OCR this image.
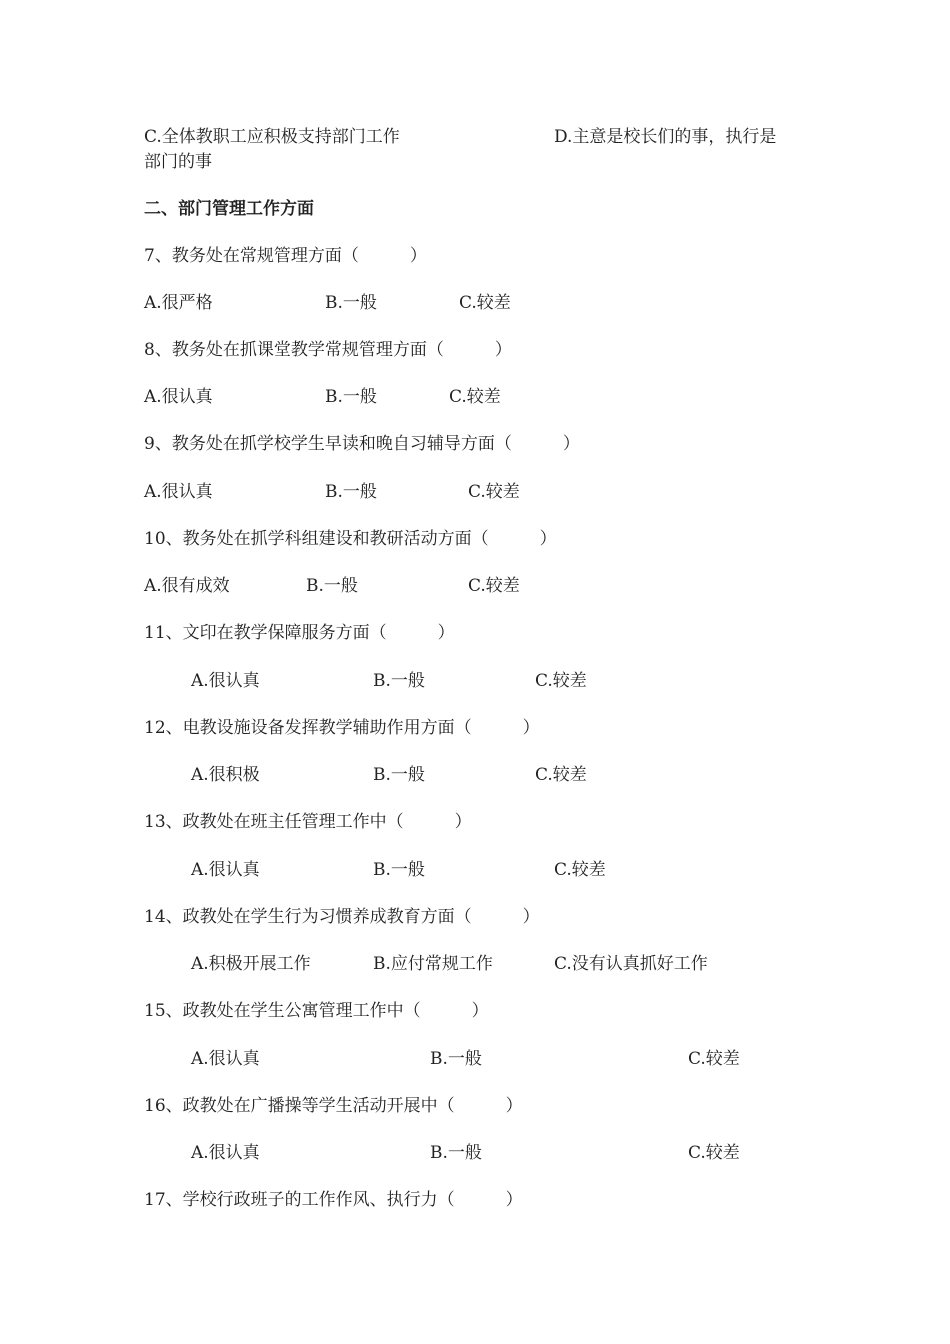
C.全体教职工应积极支持部门工作	D.主意是校长们的事，执行是
部门的事
二、部门管理工作方面
7、教务处在常规管理方面（　　　）
A.很严格	B.一般	C.较差
8、教务处在抓课堂教学常规管理方面（　　　）
A.很认真	B.一般	C.较差
9、教务处在抓学校学生早读和晚自习辅导方面（　　　）
A.很认真	B.一般	C.较差
10、教务处在抓学科组建设和教研活动方面（　　　）
A.很有成效	B.一般	C.较差
11、文印在教学保障服务方面（　　　）
A.很认真	B.一般	C.较差
12、电教设施设备发挥教学辅助作用方面（　　　）
A.很积极	B.一般	C.较差
13、政教处在班主任管理工作中（　　　）
A.很认真	B.一般	C.较差
14、政教处在学生行为习惯养成教育方面（　　　）
A.积极开展工作	B.应付常规工作	C.没有认真抓好工作
15、政教处在学生公寓管理工作中（　　　）
A.很认真	B.一般	C.较差
16、政教处在广播操等学生活动开展中（　　　）
A.很认真	B.一般	C.较差
17、学校行政班子的工作作风、执行力（　　　）
